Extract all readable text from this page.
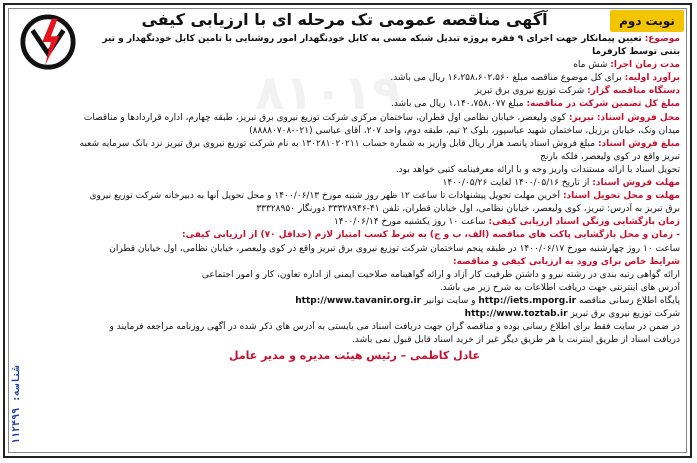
نوبت دوم
آگهی مناقصه عمومی تک مرحله ای با ارزیابی کیفی
۸۱۰۱۹
شناسه: ۱۱۲۴۹۹

موضوع: تعیین پیمانکار جهت اجرای ۹ فقره پروژه تبدیل شبکه مسی به کابل خودنگهدار امور روشنایی با تامین کابل خودنگهدار و تیر

بتنی توسط کارفرما

مدت زمان اجرا: شش ماه

برآورد اولیه: برای کل موضوع مناقصه مبلغ ۱۶،۲۵۸،۶۰۲،۵۶۰ ریال می باشد.

دستگاه مناقصه گزار: شرکت توزیع نیروی برق تبریز

مبلغ کل تضمین شرکت در مناقصه: مبلغ ۱،۱۴۰،۷۵۸،۰۷۷ ریال می باشد.

محل فروش اسناد: تبریز: کوی ولیعصر، خیابان نظامی اول قطران، ساختمان مرکزی شرکت توزیع نیروی برق تبریز، طبقه چهارم، اداره قراردادها و مناقصات

میدان ونک، خیابان برزیل، ساختمان شهید عباسپور، بلوک ۲ تیم، طبقه دوم، واحد ۲۰۷، آقای عباسی (۰۲۱-۸۸۸۸۰۷۰۸)

مبلغ فروش اسناد: مبلغ فروش اسناد پانصد هزار ریال قابل واریز به شماره حساب ۱۳۰۲۸۱۰۲۰۲۱۱ به نام شرکت توزیع نیروی برق تبریز نزد بانک سرمایه شعبه

تبریز واقع در کوی ولیعصر، فلکه بارنج

تحویل اسناد با ارائه مستندات واریز وجه و با ارائه معرفینامه کتبی خواهد بود.

مهلت فروش اسناد: از تاریخ ۱۴۰۰/۰۵/۱۶ لغایت ۱۴۰۰/۰۵/۲۶

مهلت و محل تحویل اسناد: آخرین مهلت تحویل پیشنهادات تا ساعت ۱۲ ظهر روز شنبه مورخ ۱۴۰۰/۰۶/۱۳ و محل تحویل آنها به دبیرخانه شرکت توزیع نیروی

برق تبریز به آدرس: تبریز، کوی ولیعصر، خیابان نظامی، اول خیابان قطران، تلفن ۴۱-۳۳۳۲۸۹۴۶ دورنگار ۳۳۳۲۸۹۵۰

زمان بازگشایی وزنگن اسناد ارزیابی کیفی: ساعت ۱۰ روز یکشنبه مورخ ۱۴۰۰/۰۶/۱۴

- زمان و محل بازگشایی پاکت های مناقصه (الف، ب و ج) به شرط کسب امتیاز لازم (حداقل ۷۰) از ارزیابی کیفی:

ساعت ۱۰ روز چهارشنبه مورخ ۱۴۰۰/۰۶/۱۷ در طبقه پنجم ساختمان شرکت توزیع نیروی برق تبریز واقع در کوی ولیعصر، خیابان نظامی، اول خیابان قطران

شرایط خاص برای ورود به ارزیابی کیفی و مناقصه:

ارائه گواهی رتبه بندی در رشته نیرو و داشتن ظرفیت کار آزاد و ارائه گواهینامه صلاحیت ایمنی از اداره تعاون، کار و امور اجتماعی

آدرس های اینترنتی جهت دریافت اطلاعات به شرح زیر می باشد.

پایگاه اطلاع رسانی مناقصه http://iets.mporg.ir و سایت توانیر http://www.tavanir.org.ir

شرکت توزیع نیروی برق تبریز http://www.toztab.ir

در ضمن در سایت فقط برای اطلاع رسانی بوده و مناقصه گران جهت دریافت اسناد می بایستی به آدرس های ذکر شده در آگهی روزنامه مراجعه فرمایند و

دریافت اسناد از طریق اینترنت یا هر طریق دیگر غیر از خرید اسناد قابل قبول نمی باشد.

عادل کاظمی – رئیس هیئت مدیره و مدیر عامل
